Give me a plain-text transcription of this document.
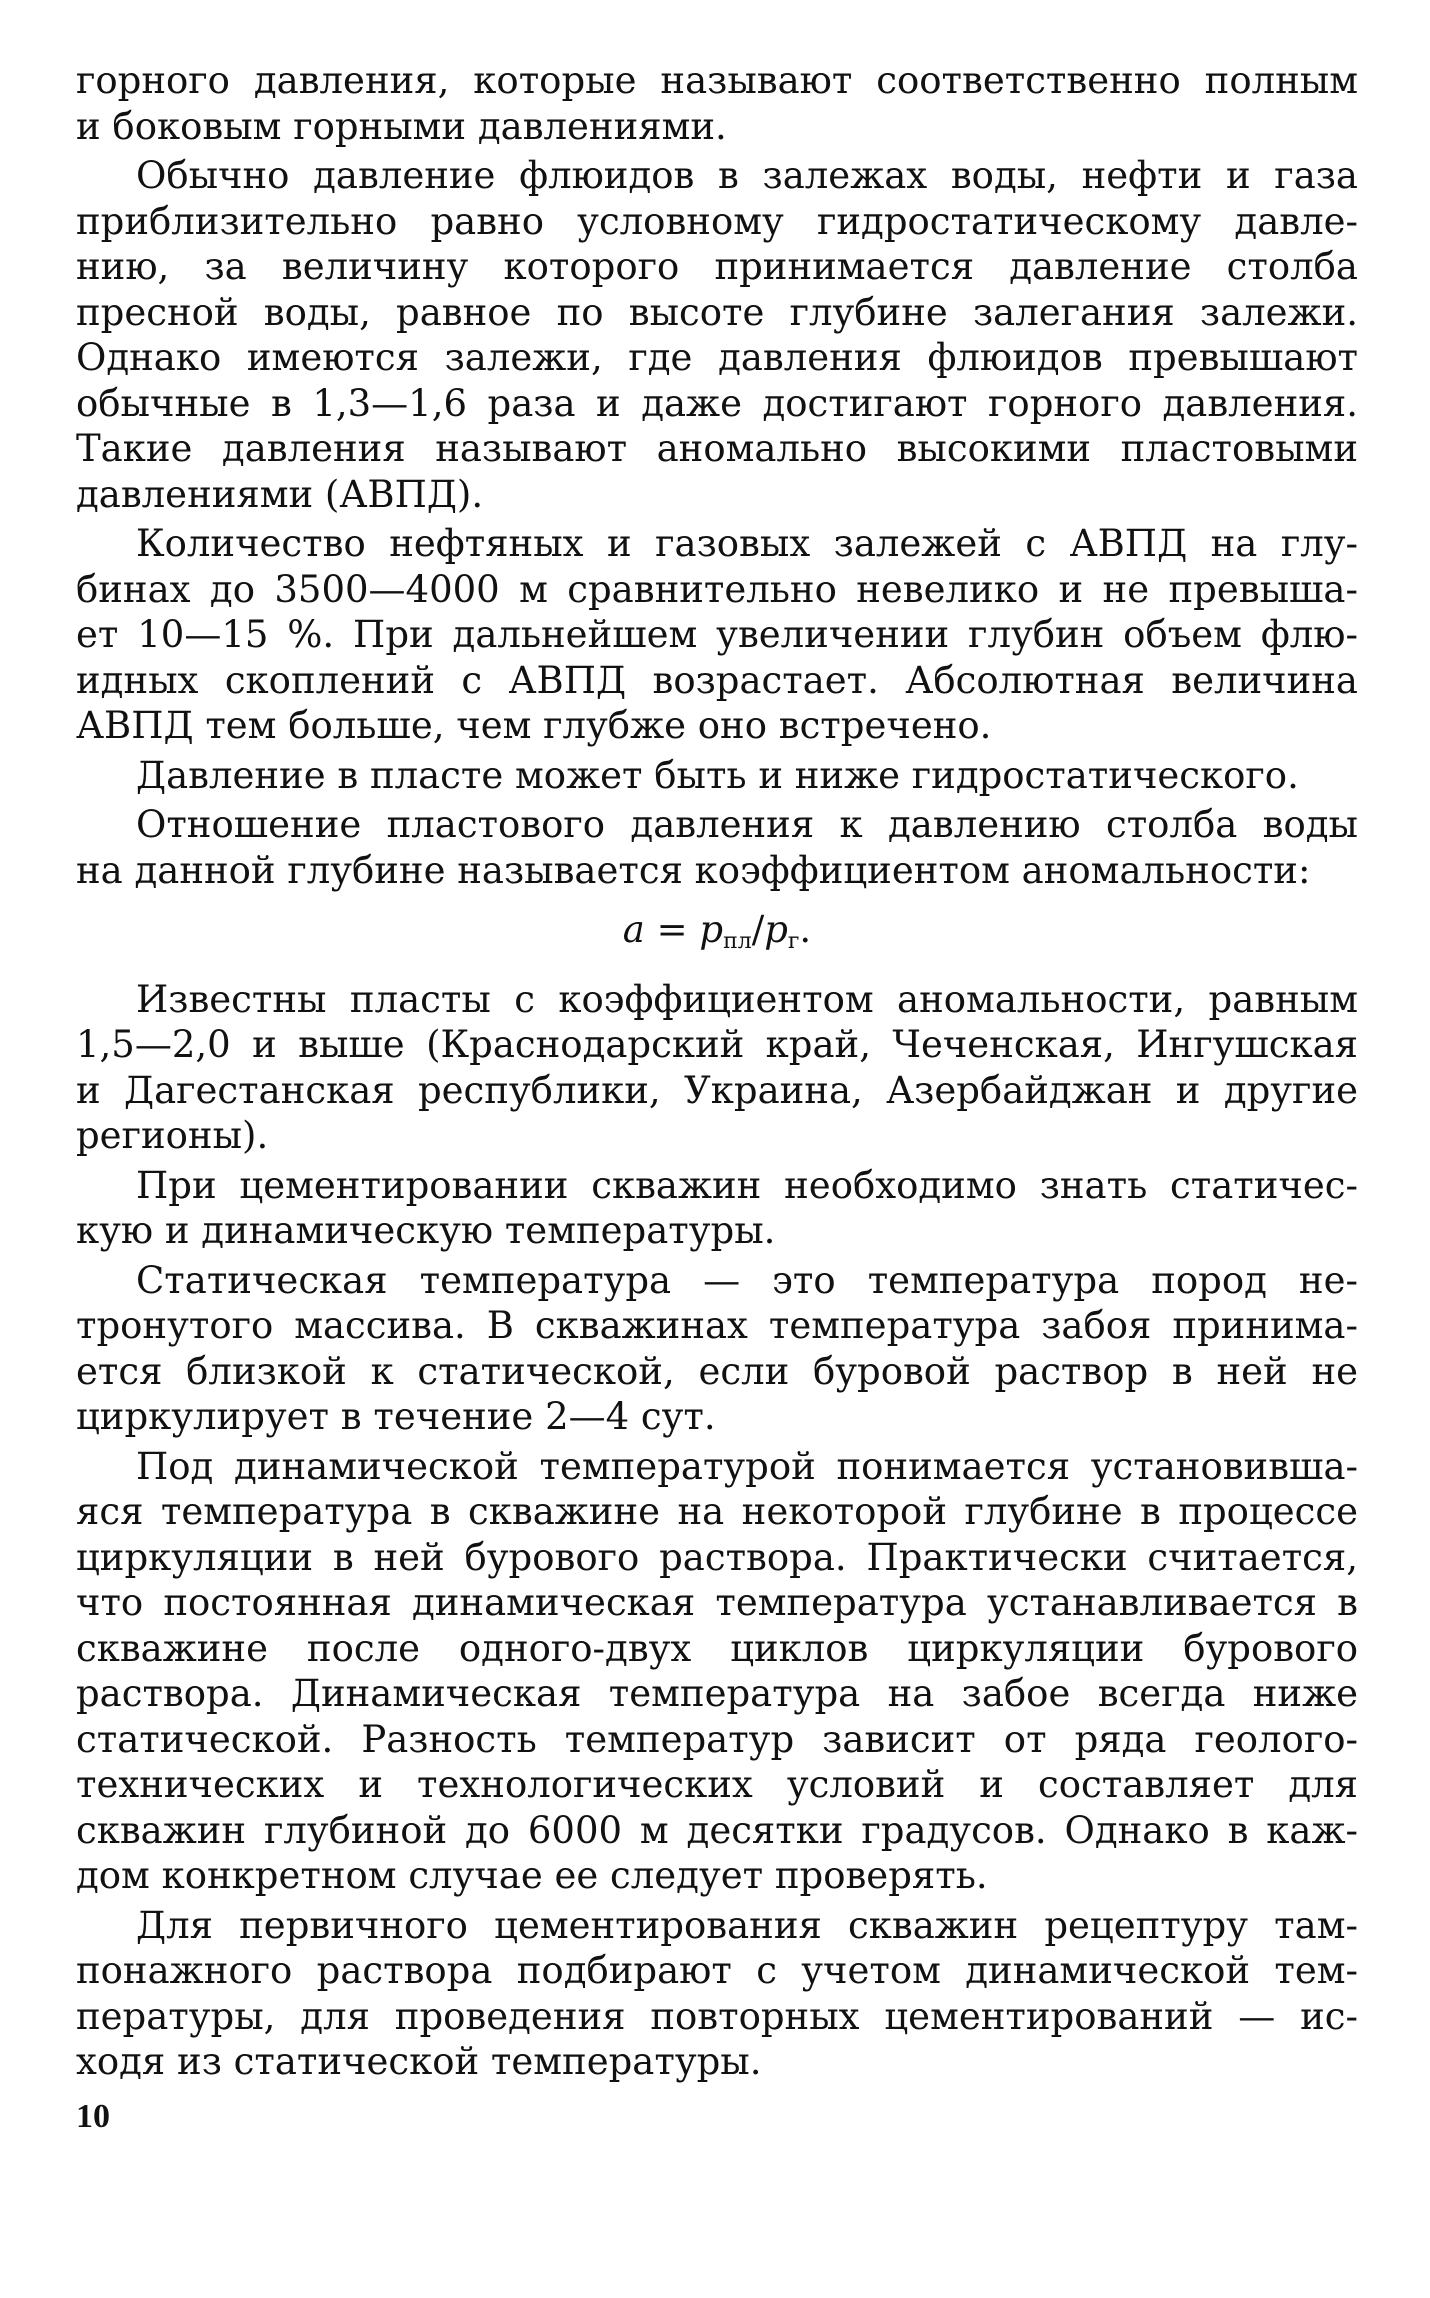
горного давления, которые называют соответственно полным
и боковым горными давлениями.
Обычно давление флюидов в залежах воды, нефти и газа
приблизительно равно условному гидростатическому давле-
нию, за величину которого принимается давление столба
пресной воды, равное по высоте глубине залегания залежи.
Однако имеются залежи, где давления флюидов превышают
обычные в 1,3—1,6 раза и даже достигают горного давления.
Такие давления называют аномально высокими пластовыми
давлениями (АВПД).
Количество нефтяных и газовых залежей с АВПД на глу-
бинах до 3500—4000 м сравнительно невелико и не превыша-
ет 10—15 %. При дальнейшем увеличении глубин объем флю-
идных скоплений с АВПД возрастает. Абсолютная величина
АВПД тем больше, чем глубже оно встречено.
Давление в пласте может быть и ниже гидростатического.
Отношение пластового давления к давлению столба воды
на данной глубине называется коэффициентом аномальности:
$a = p_{пл}/p_г$.
Известны пласты с коэффициентом аномальности, равным
1,5—2,0 и выше (Краснодарский край, Чеченская, Ингушская
и Дагестанская республики, Украина, Азербайджан и другие
регионы).
При цементировании скважин необходимо знать статичес-
кую и динамическую температуры.
Статическая температура — это температура пород не-
тронутого массива. В скважинах температура забоя принима-
ется близкой к статической, если буровой раствор в ней не
циркулирует в течение 2—4 сут.
Под динамической температурой понимается установивша-
яся температура в скважине на некоторой глубине в процессе
циркуляции в ней бурового раствора. Практически считается,
что постоянная динамическая температура устанавливается в
скважине после одного-двух циклов циркуляции бурового
раствора. Динамическая температура на забое всегда ниже
статической. Разность температур зависит от ряда геолого-
технических и технологических условий и составляет для
скважин глубиной до 6000 м десятки градусов. Однако в каж-
дом конкретном случае ее следует проверять.
Для первичного цементирования скважин рецептуру там-
понажного раствора подбирают с учетом динамической тем-
пературы, для проведения повторных цементирований — ис-
ходя из статической температуры.
10
